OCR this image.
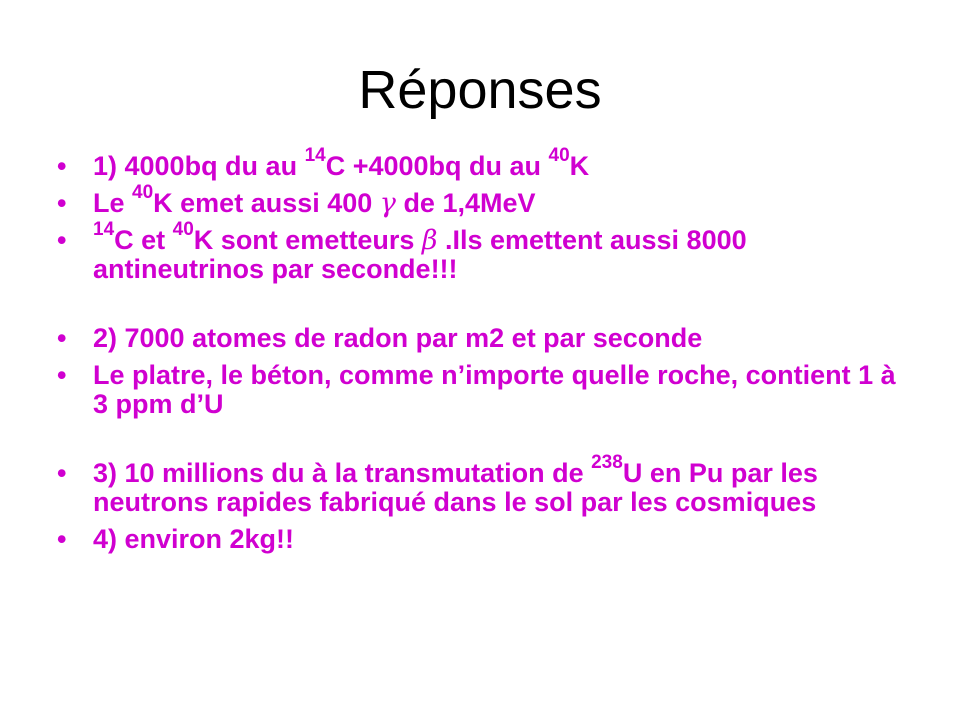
Réponses
• 1) 4000bq du au $^{14}$C +4000bq du au $^{40}$K
• Le $^{40}$K emet aussi 400 γ de 1,4MeV
• $^{14}$C et $^{40}$K sont emetteurs β .Ils emettent aussi 8000 antineutrinos par seconde!!!
• 2) 7000 atomes de radon par m2 et par seconde
• Le platre, le béton, comme n’importe quelle roche, contient 1 à 3 ppm d’U
• 3) 10 millions du à la transmutation de $^{238}$U en Pu par les neutrons rapides fabriqué dans le sol par les cosmiques
• 4) environ 2kg!!
